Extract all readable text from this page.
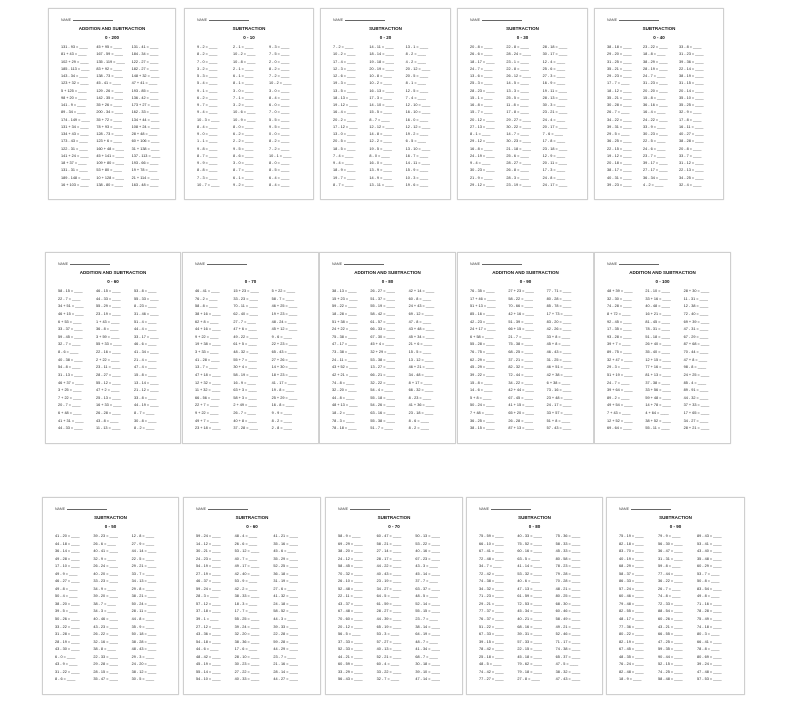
NAME
ADDITION AND SUBTRACTION
0 - 200
131 - 93 = ____
81 + 43 = ____
102 + 29 = ____
185 - 113 = ____
143 - 34 = ____
123 + 32 = ____
5 + 125 = ____
98 + 20 = ____
141 - 9 = ____
89 - 34 = ____
174 - 149 = ____
131 + 34 = ____
134 + 43 = ____
173 - 43 = ____
122 - 31 = ____
141 + 24 = ____
18 + 37 = ____
131 - 31 = ____
189 - 148 = ____
16 + 103 = ____
45 + 95 = ____
167 - 59 = ____
135 - 119 = ____
83 + 92 = ____
138 - 73 = ____
45 - 41 = ____
129 - 26 = ____
142 - 35 = ____
35 + 26 = ____
200 - 34 = ____
35 + 72 = ____
78 + 93 = ____
128 - 73 = ____
123 + 6 = ____
160 + 48 = ____
45 + 141 = ____
109 + 80 = ____
53 + 80 = ____
10 + 128 = ____
138 - 80 = ____
131 - 41 = ____
184 - 34 = ____
122 - 27 = ____
182 - 27 = ____
148 + 32 = ____
47 + 41 = ____
193 - 85 = ____
136 - 42 = ____
173 + 27 = ____
162 - 33 = ____
134 + 44 = ____
108 + 24 = ____
28 + 48 = ____
60 + 106 = ____
31 + 138 = ____
137 - 113 = ____
193 - 66 = ____
19 + 78 = ____
21 + 114 = ____
163 - 48 = ____
NAME
SUBTRACTION
0 - 10
9 - 2 = ____
8 - 2 = ____
7 - 0 = ____
3 - 2 = ____
5 - 3 = ____
5 - 4 = ____
9 - 1 = ____
6 - 2 = ____
9 - 7 = ____
9 - 4 = ____
10 - 3 = ____
8 - 4 = ____
9 - 0 = ____
1 - 1 = ____
9 - 8 = ____
8 - 7 = ____
9 - 9 = ____
8 - 8 = ____
7 - 3 = ____
10 - 7 = ____
2 - 1 = ____
10 - 2 = ____
10 - 8 = ____
2 - 1 = ____
6 - 1 = ____
8 - 1 = ____
3 - 0 = ____
7 - 1 = ____
3 - 2 = ____
10 - 6 = ____
10 - 9 = ____
8 - 0 = ____
6 - 2 = ____
2 - 2 = ____
9 - 5 = ____
8 - 6 = ____
3 - 0 = ____
8 - 7 = ____
6 - 1 = ____
9 - 2 = ____
9 - 3 = ____
7 - 5 = ____
2 - 0 = ____
8 - 2 = ____
7 - 2 = ____
10 - 2 = ____
3 - 0 = ____
8 - 4 = ____
6 - 0 = ____
7 - 0 = ____
5 - 5 = ____
9 - 5 = ____
0 - 0 = ____
8 - 2 = ____
7 - 2 = ____
10 - 1 = ____
8 - 0 = ____
8 - 5 = ____
6 - 4 = ____
8 - 4 = ____
NAME
SUBTRACTION
0 - 20
7 - 2 = ____
10 - 2 = ____
17 - 4 = ____
12 - 3 = ____
12 - 6 = ____
19 - 3 = ____
13 - 5 = ____
18 - 13 = ____
19 - 12 = ____
16 - 4 = ____
20 - 2 = ____
17 - 12 = ____
13 - 0 = ____
20 - 5 = ____
18 - 5 = ____
7 - 4 = ____
9 - 4 = ____
18 - 9 = ____
19 - 7 = ____
8 - 7 = ____
14 - 11 = ____
18 - 14 = ____
19 - 18 = ____
20 - 19 = ____
10 - 8 = ____
10 - 2 = ____
16 - 13 = ____
17 - 3 = ____
14 - 10 = ____
15 - 5 = ____
8 - 7 = ____
12 - 12 = ____
14 - 8 = ____
12 - 2 = ____
19 - 5 = ____
8 - 0 = ____
16 - 0 = ____
13 - 9 = ____
14 - 9 = ____
13 - 11 = ____
13 - 1 = ____
8 - 2 = ____
4 - 2 = ____
20 - 12 = ____
20 - 5 = ____
8 - 1 = ____
12 - 5 = ____
7 - 4 = ____
12 - 10 = ____
16 - 10 = ____
16 - 0 = ____
12 - 12 = ____
19 - 2 = ____
6 - 5 = ____
13 - 10 = ____
16 - 7 = ____
14 - 11 = ____
15 - 9 = ____
10 - 3 = ____
19 - 6 = ____
NAME
SUBTRACTION
0 - 30
20 - 8 = ____
26 - 6 = ____
18 - 17 = ____
24 - 7 = ____
13 - 6 = ____
25 - 3 = ____
28 - 23 = ____
15 - 1 = ____
16 - 8 = ____
15 - 7 = ____
20 - 12 = ____
27 - 13 = ____
8 - 1 = ____
29 - 12 = ____
16 - 8 = ____
24 - 19 = ____
9 - 4 = ____
30 - 23 = ____
21 - 9 = ____
29 - 12 = ____
22 - 8 = ____
28 - 24 = ____
23 - 1 = ____
22 - 8 = ____
26 - 12 = ____
14 - 5 = ____
13 - 3 = ____
25 - 5 = ____
11 - 8 = ____
17 - 8 = ____
29 - 27 = ____
30 - 22 = ____
14 - 7 = ____
30 - 23 = ____
21 - 18 = ____
25 - 6 = ____
28 - 27 = ____
26 - 8 = ____
28 - 3 = ____
23 - 19 = ____
28 - 18 = ____
30 - 17 = ____
12 - 4 = ____
25 - 6 = ____
27 - 3 = ____
16 - 9 = ____
19 - 11 = ____
28 - 13 = ____
30 - 3 = ____
23 - 21 = ____
24 - 4 = ____
20 - 17 = ____
7 - 6 = ____
17 - 8 = ____
23 - 18 = ____
12 - 9 = ____
20 - 11 = ____
17 - 3 = ____
24 - 8 = ____
24 - 17 = ____
NAME
SUBTRACTION
0 - 40
38 - 18 = ____
29 - 20 = ____
31 - 25 = ____
35 - 21 = ____
29 - 23 = ____
17 - 7 = ____
18 - 12 = ____
35 - 21 = ____
30 - 28 = ____
26 - 7 = ____
34 - 22 = ____
39 - 31 = ____
29 - 5 = ____
36 - 25 = ____
22 - 15 = ____
19 - 12 = ____
20 - 18 = ____
38 - 17 = ____
40 - 31 = ____
39 - 23 = ____
23 - 22 = ____
18 - 8 = ____
38 - 29 = ____
28 - 19 = ____
24 - 7 = ____
31 - 23 = ____
20 - 20 = ____
15 - 8 = ____
36 - 16 = ____
16 - 4 = ____
24 - 22 = ____
33 - 9 = ____
30 - 23 = ____
22 - 5 = ____
24 - 6 = ____
23 - 7 = ____
39 - 17 = ____
27 - 17 = ____
36 - 34 = ____
4 - 2 = ____
33 - 8 = ____
31 - 23 = ____
39 - 36 = ____
22 - 14 = ____
38 - 19 = ____
31 - 15 = ____
20 - 14 = ____
35 - 10 = ____
35 - 25 = ____
32 - 9 = ____
17 - 8 = ____
16 - 11 = ____
40 - 27 = ____
38 - 28 = ____
20 - 8 = ____
33 - 7 = ____
31 - 12 = ____
22 - 13 = ____
34 - 25 = ____
32 - 4 = ____
NAME
ADDITION AND SUBTRACTION
0 - 60
58 - 15 = ____
22 - 7 = ____
34 + 51 = ____
46 + 15 = ____
6 + 53 = ____
33 - 37 = ____
59 - 45 = ____
32 - 7 = ____
8 - 6 = ____
40 - 38 = ____
54 - 8 = ____
31 - 13 = ____
46 + 37 = ____
3 + 25 = ____
7 + 22 = ____
20 - 7 = ____
6 + 48 = ____
41 + 31 = ____
44 - 33 = ____
46 - 15 = ____
44 - 33 = ____
55 - 29 = ____
23 - 19 = ____
1 + 43 = ____
36 - 8 = ____
3 + 59 = ____
55 + 33 = ____
22 - 16 = ____
2 + 22 = ____
23 - 11 = ____
28 - 27 = ____
55 - 12 = ____
47 + 2 = ____
25 - 13 = ____
16 + 33 = ____
26 - 28 = ____
43 - 8 = ____
11 - 13 = ____
53 - 8 = ____
55 - 33 = ____
8 - 23 = ____
31 - 46 = ____
51 - 4 = ____
44 - 4 = ____
33 - 17 = ____
46 - 6 = ____
41 - 34 = ____
21 - 4 = ____
47 - 4 = ____
15 - 8 = ____
13 - 14 = ____
21 - 12 = ____
33 - 8 = ____
44 - 19 = ____
8 - 7 = ____
30 - 8 = ____
8 - 2 = ____
NAME
0 - 70
46 - 41 = ____
76 - 2 = ____
58 - 8 = ____
38 + 16 = ____
62 + 8 = ____
44 + 16 = ____
9 + 22 = ____
19 + 38 = ____
3 + 33 = ____
41 - 28 = ____
13 - 7 = ____
47 + 18 = ____
12 + 32 = ____
11 + 32 = ____
66 - 56 = ____
22 + 7 = ____
9 + 22 = ____
49 + 7 = ____
23 + 18 = ____
15 + 23 = ____
33 - 23 = ____
70 - 11 = ____
62 - 40 = ____
27 - 7 = ____
47 + 6 = ____
49 - 22 = ____
61 + 5 = ____
48 - 32 = ____
55 + 7 = ____
30 + 4 = ____
58 - 19 = ____
16 - 9 = ____
63 + 3 = ____
58 + 3 = ____
2 + 49 = ____
26 - 7 = ____
40 + 8 = ____
37 - 28 = ____
5 + 22 = ____
58 - 7 = ____
46 + 25 = ____
19 + 23 = ____
48 - 24 = ____
45 + 12 = ____
9 - 6 = ____
22 + 23 = ____
65 - 43 = ____
27 + 26 = ____
14 + 30 = ____
18 + 23 = ____
41 - 17 = ____
19 - 8 = ____
25 + 29 = ____
16 - 8 = ____
9 - 9 = ____
8 - 2 = ____
2 - 8 = ____
NAME
ADDITION AND SUBTRACTION
0 - 80
38 - 13 = ____
15 + 23 = ____
59 - 22 = ____
18 - 28 = ____
51 + 38 = ____
24 + 22 = ____
75 - 38 = ____
47 - 17 = ____
73 - 38 = ____
24 - 11 = ____
43 + 52 = ____
42 + 21 = ____
74 - 8 = ____
32 - 20 = ____
44 - 8 = ____
48 + 13 = ____
18 - 2 = ____
78 - 3 = ____
78 - 18 = ____
26 - 27 = ____
51 - 37 = ____
55 - 19 = ____
58 - 42 = ____
61 - 57 = ____
66 - 33 = ____
67 - 30 = ____
45 + 4 = ____
32 + 29 = ____
53 - 38 = ____
13 - 27 = ____
66 - 21 = ____
32 - 22 = ____
54 - 4 = ____
55 - 18 = ____
54 - 26 = ____
63 - 16 = ____
55 - 38 = ____
51 - 7 = ____
42 + 14 = ____
60 - 8 = ____
24 + 43 = ____
69 - 12 = ____
47 - 8 = ____
43 + 48 = ____
45 + 34 = ____
21 + 6 = ____
15 - 5 = ____
13 - 12 = ____
46 + 21 = ____
34 - 48 = ____
8 + 17 = ____
66 - 32 = ____
8 - 23 = ____
41 + 36 = ____
23 - 18 = ____
8 - 6 = ____
8 - 2 = ____
NAME
ADDITION AND SUBTRACTION
0 - 90
76 - 35 = ____
17 + 46 = ____
51 + 13 = ____
85 - 16 = ____
42 - 23 = ____
24 + 17 = ____
6 + 58 = ____
55 - 28 = ____
76 - 75 = ____
62 - 29 = ____
45 - 29 = ____
39 - 22 = ____
15 - 8 = ____
14 - 6 = ____
5 + 8 = ____
50 - 24 = ____
7 + 48 = ____
36 - 25 = ____
38 - 15 = ____
27 + 23 = ____
58 - 22 = ____
70 - 66 = ____
42 + 16 = ____
51 - 39 = ____
66 + 15 = ____
21 - 7 = ____
75 - 38 = ____
68 - 25 = ____
37 - 21 = ____
82 - 32 = ____
72 - 44 = ____
34 - 22 = ____
42 + 44 = ____
67 - 45 = ____
41 + 15 = ____
65 + 20 = ____
26 - 28 = ____
87 + 13 = ____
77 - 71 = ____
80 - 28 = ____
85 - 78 = ____
17 + 73 = ____
83 - 20 = ____
42 - 26 = ____
33 + 8 = ____
45 + 8 = ____
46 - 43 = ____
31 - 25 = ____
46 + 51 = ____
42 + 38 = ____
6 + 38 = ____
73 - 16 = ____
23 + 48 = ____
24 - 17 = ____
33 + 57 = ____
51 + 8 = ____
57 - 43 = ____
NAME
ADDITION AND SUBTRACTION
0 - 100
48 + 39 = ____
32 - 30 = ____
74 - 28 = ____
8 + 72 = ____
92 - 45 = ____
17 - 35 = ____
93 - 28 = ____
39 + 7 = ____
89 - 75 = ____
32 + 47 = ____
29 - 3 = ____
51 + 19 = ____
24 - 7 = ____
39 + 64 = ____
89 - 2 = ____
49 + 54 = ____
7 + 43 = ____
12 + 52 = ____
69 - 64 = ____
21 - 10 = ____
33 + 16 = ____
40 - 48 = ____
16 + 21 = ____
81 - 45 = ____
78 - 31 = ____
51 - 18 = ____
26 + 40 = ____
35 - 40 = ____
12 + 15 = ____
77 + 16 = ____
81 + 13 = ____
37 - 38 = ____
33 + 56 = ____
59 + 48 = ____
14 + 78 = ____
4 + 64 = ____
38 + 52 = ____
55 - 11 = ____
28 + 30 = ____
11 - 31 = ____
12 - 38 = ____
72 - 40 = ____
69 + 39 = ____
47 - 31 = ____
67 - 29 = ____
87 + 68 = ____
70 - 44 = ____
47 + 8 = ____
98 - 8 = ____
24 + 25 = ____
85 - 4 = ____
89 - 91 = ____
44 - 32 = ____
37 + 33 = ____
17 + 65 = ____
34 - 27 = ____
28 + 21 = ____
NAME
SUBTRACTION
0 - 50
41 - 20 = ____
44 - 18 = ____
36 - 14 = ____
49 - 28 = ____
17 - 10 = ____
49 - 9 = ____
46 - 27 = ____
49 - 8 = ____
50 - 4 = ____
38 - 20 = ____
39 - 5 = ____
50 - 26 = ____
33 - 22 = ____
31 - 28 = ____
28 - 19 = ____
43 - 30 = ____
6 - 0 = ____
43 - 9 = ____
31 - 22 = ____
8 - 6 = ____
39 - 23 = ____
26 - 6 = ____
40 - 41 = ____
32 - 9 = ____
26 - 24 = ____
40 - 20 = ____
33 - 23 = ____
34 - 9 = ____
39 - 20 = ____
38 - 7 = ____
34 - 3 = ____
40 - 46 = ____
43 - 23 = ____
26 - 22 = ____
32 - 16 = ____
38 - 8 = ____
22 - 33 = ____
29 - 28 = ____
28 - 15 = ____
35 - 47 = ____
12 - 8 = ____
27 - 9 = ____
44 - 14 = ____
22 - 5 = ____
29 - 21 = ____
33 - 7 = ____
34 - 13 = ____
29 - 8 = ____
38 - 21 = ____
50 - 24 = ____
28 - 11 = ____
44 - 8 = ____
35 - 9 = ____
50 - 18 = ____
38 - 28 = ____
48 - 43 = ____
29 - 3 = ____
24 - 20 = ____
38 - 12 = ____
30 - 5 = ____
NAME
SUBTRACTION
0 - 60
59 - 24 = ____
14 - 12 = ____
30 - 21 = ____
24 - 23 = ____
54 - 19 = ____
27 - 19 = ____
46 - 37 = ____
59 - 24 = ____
28 - 3 = ____
57 - 12 = ____
37 - 18 = ____
39 - 1 = ____
27 - 12 = ____
43 - 36 = ____
54 - 18 = ____
44 - 6 = ____
48 - 42 = ____
45 - 19 = ____
55 - 14 = ____
54 - 10 = ____
48 - 4 = ____
26 - 6 = ____
53 - 12 = ____
40 - 7 = ____
49 - 17 = ____
42 - 40 = ____
53 - 9 = ____
42 - 2 = ____
38 - 33 = ____
18 - 3 = ____
17 - 7 = ____
55 - 25 = ____
39 - 24 = ____
32 - 20 = ____
38 - 36 = ____
17 - 6 = ____
28 - 10 = ____
30 - 23 = ____
27 - 22 = ____
40 - 33 = ____
41 - 21 = ____
35 - 16 = ____
45 - 6 = ____
35 - 29 = ____
52 - 25 = ____
36 - 18 = ____
31 - 19 = ____
27 - 6 = ____
41 - 32 = ____
24 - 18 = ____
58 - 52 = ____
44 - 3 = ____
39 - 33 = ____
22 - 28 = ____
59 - 28 = ____
44 - 29 = ____
23 - 7 = ____
21 - 16 = ____
28 - 14 = ____
44 - 27 = ____
NAME
SUBTRACTION
0 - 70
58 - 9 = ____
69 - 29 = ____
38 - 20 = ____
24 - 12 = ____
58 - 45 = ____
70 - 32 = ____
26 - 10 = ____
52 - 48 = ____
22 - 11 = ____
43 - 37 = ____
67 - 48 = ____
70 - 60 = ____
20 - 12 = ____
56 - 5 = ____
37 - 33 = ____
52 - 33 = ____
44 - 21 = ____
60 - 59 = ____
33 - 29 = ____
56 - 43 = ____
60 - 47 = ____
58 - 21 = ____
27 - 14 = ____
28 - 17 = ____
44 - 22 = ____
40 - 43 = ____
23 - 19 = ____
34 - 27 = ____
64 - 5 = ____
61 - 59 = ____
28 - 27 = ____
44 - 39 = ____
65 - 19 = ____
53 - 3 = ____
57 - 27 = ____
40 - 13 = ____
52 - 21 = ____
60 - 4 = ____
33 - 22 = ____
32 - 7 = ____
50 - 13 = ____
53 - 22 = ____
40 - 16 = ____
67 - 23 = ____
43 - 3 = ____
45 - 14 = ____
37 - 7 = ____
63 - 37 = ____
48 - 5 = ____
52 - 14 = ____
55 - 15 = ____
23 - 7 = ____
38 - 14 = ____
64 - 19 = ____
48 - 7 = ____
41 - 34 = ____
68 - 7 = ____
30 - 18 = ____
39 - 10 = ____
47 - 14 = ____
NAME
SUBTRACTION
0 - 80
75 - 59 = ____
66 - 10 = ____
67 - 41 = ____
72 - 48 = ____
34 - 7 = ____
72 - 42 = ____
74 - 38 = ____
34 - 32 = ____
71 - 23 = ____
29 - 21 = ____
77 - 37 = ____
76 - 37 = ____
51 - 22 = ____
67 - 33 = ____
39 - 15 = ____
78 - 42 = ____
25 - 18 = ____
48 - 5 = ____
74 - 42 = ____
77 - 27 = ____
40 - 33 = ____
75 - 52 = ____
60 - 16 = ____
63 - 5 = ____
41 - 14 = ____
53 - 32 = ____
40 - 6 = ____
47 - 13 = ____
61 - 59 = ____
72 - 53 = ____
45 - 34 = ____
40 - 21 = ____
68 - 16 = ____
39 - 31 = ____
57 - 33 = ____
22 - 15 = ____
45 - 18 = ____
79 - 62 = ____
79 - 18 = ____
27 - 8 = ____
75 - 36 = ____
58 - 33 = ____
45 - 33 = ____
80 - 58 = ____
78 - 23 = ____
79 - 28 = ____
70 - 28 = ____
48 - 21 = ____
80 - 25 = ____
68 - 30 = ____
60 - 46 = ____
58 - 49 = ____
49 - 21 = ____
52 - 46 = ____
71 - 17 = ____
74 - 38 = ____
65 - 37 = ____
47 - 5 = ____
38 - 32 = ____
47 - 43 = ____
NAME
SUBTRACTION
0 - 90
75 - 19 = ____
82 - 18 = ____
83 - 70 = ____
40 - 19 = ____
68 - 29 = ____
58 - 37 = ____
86 - 33 = ____
57 - 24 = ____
60 - 46 = ____
79 - 48 = ____
82 - 55 = ____
48 - 17 = ____
77 - 36 = ____
80 - 22 = ____
82 - 19 = ____
67 - 45 = ____
48 - 35 = ____
76 - 24 = ____
82 - 48 = ____
18 - 9 = ____
79 - 9 = ____
56 - 30 = ____
36 - 47 = ____
31 - 31 = ____
59 - 8 = ____
77 - 44 = ____
36 - 22 = ____
26 - 7 = ____
74 - 8 = ____
72 - 33 = ____
88 - 54 = ____
60 - 26 = ____
43 - 21 = ____
66 - 55 = ____
47 - 25 = ____
59 - 35 = ____
90 - 44 = ____
52 - 15 = ____
74 - 25 = ____
58 - 48 = ____
89 - 43 = ____
53 - 41 = ____
43 - 40 = ____
35 - 48 = ____
60 - 29 = ____
53 - 7 = ____
50 - 8 = ____
83 - 54 = ____
49 - 8 = ____
71 - 16 = ____
78 - 28 = ____
75 - 49 = ____
74 - 18 = ____
80 - 3 = ____
66 - 41 = ____
78 - 8 = ____
80 - 69 = ____
39 - 24 = ____
47 - 48 = ____
57 - 53 = ____
